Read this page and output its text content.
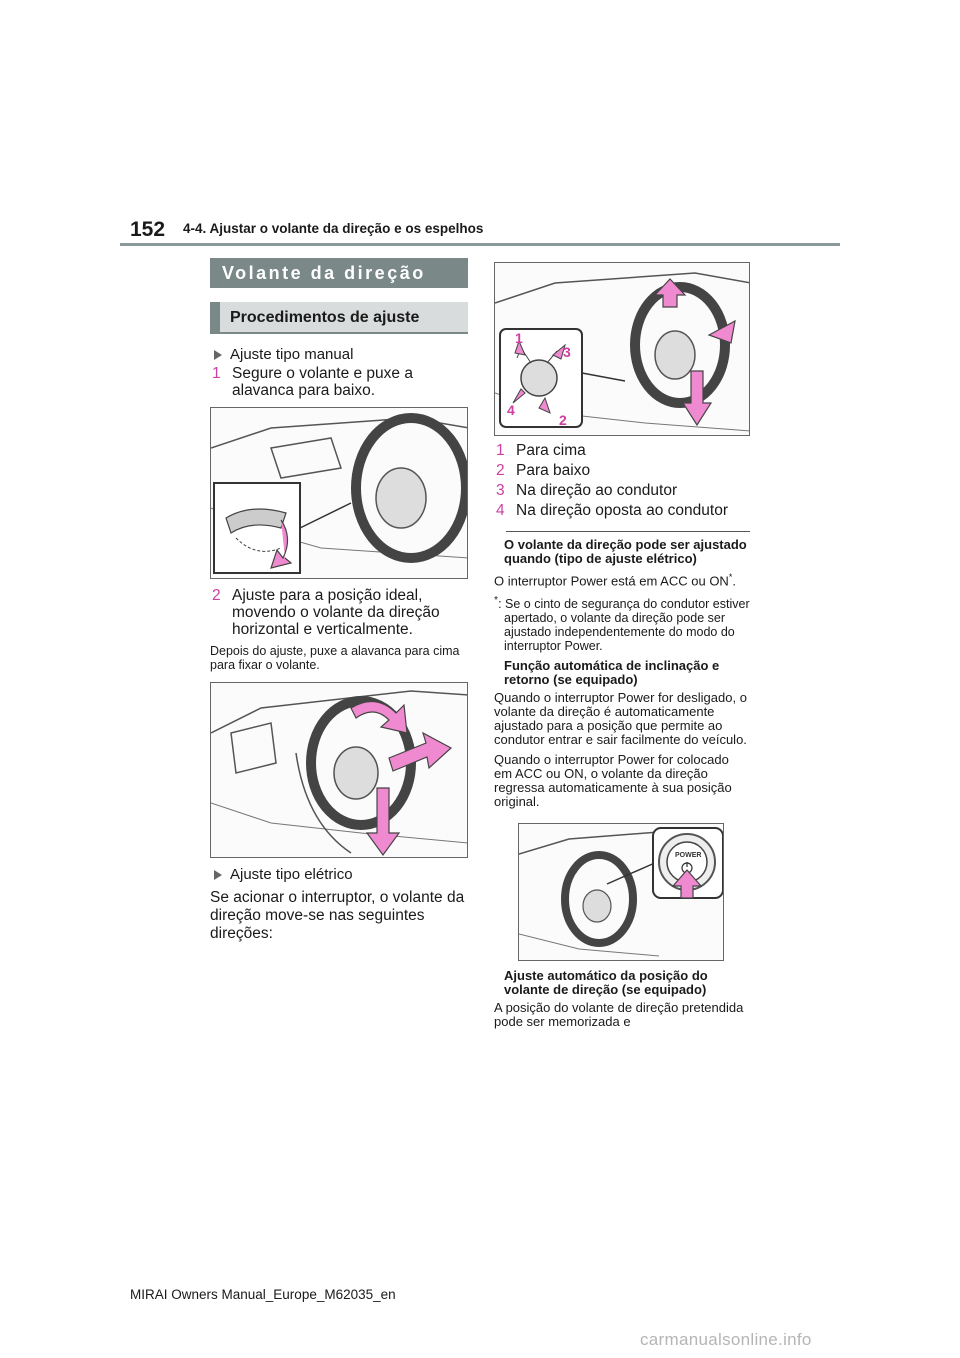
152 4-4. Ajustar o volante da direção e os espelhos
Volante da direção
Procedimentos de ajuste
Ajuste tipo manual
1 Segure o volante e puxe a alavanca para baixo.
2 Ajuste para a posição ideal, movendo o volante da direção horizontal e verticalmente.
Depois do ajuste, puxe a alavanca para cima para fixar o volante.
Ajuste tipo elétrico
Se acionar o interruptor, o volante da direção move-se nas seguintes direções:
1
2
3
4
1 Para cima
2 Para baixo
3 Na direção ao condutor
4 Na direção oposta ao condutor
O volante da direção pode ser ajustado quando (tipo de ajuste elétrico)
O interruptor Power está em ACC ou ON*.
*: Se o cinto de segurança do condutor estiver apertado, o volante da direção pode ser ajustado independentemente do modo do interruptor Power.
Função automática de inclinação e retorno (se equipado)
Quando o interruptor Power for desligado, o volante da direção é automaticamente ajustado para a posição que permite ao condutor entrar e sair facilmente do veículo.
Quando o interruptor Power for colocado em ACC ou ON, o volante da direção regressa automaticamente à sua posição original.
POWER
Ajuste automático da posição do volante de direção (se equipado)
A posição do volante de direção pretendida pode ser memorizada e
MIRAI Owners Manual_Europe_M62035_en
carmanualsonline.info
